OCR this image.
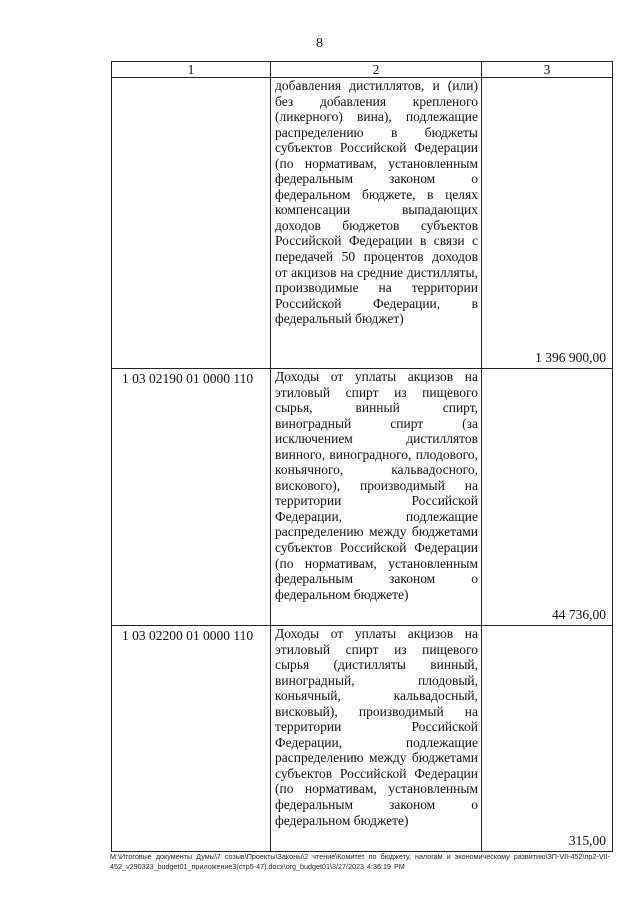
8
1	2	3
	добавления дистиллятов, и (или) без добавления крепленого (ликерного) вина), подлежащие распределению в бюджеты субъектов Российской Федерации (по нормативам, установленным федеральным законом о федеральном бюджете, в целях компенсации выпадающих доходов бюджетов субъектов Российской Федерации в связи с передачей 50 процентов доходов от акцизов на средние дистилляты, производимые на территории Российской Федерации, в федеральный бюджет)	1 396 900,00
1 03 02190 01 0000 110	Доходы от уплаты акцизов на этиловый спирт из пищевого сырья, винный спирт, виноградный спирт (за исключением дистиллятов винного, виноградного, плодового, коньячного, кальвадосного, вискового), производимый на территории Российской Федерации, подлежащие распределению между бюджетами субъектов Российской Федерации (по нормативам, установленным федеральным законом о федеральном бюджете)	44 736,00
1 03 02200 01 0000 110	Доходы от уплаты акцизов на этиловый спирт из пищевого сырья (дистилляты винный, виноградный, плодовый, коньячный, кальвадосный, висковый), производимый на территории Российской Федерации, подлежащие распределению между бюджетами субъектов Российской Федерации (по нормативам, установленным федеральным законом о федеральном бюджете)	315,00
M:\Итоговые документы Думы\7 созыв\Проекты\Законы\2 чтение\Комитет по бюджету, налогам и экономическому развитию\ЗП-VII-452\пр2-VII-452_v290323_budget01_приложение3(стр5-47).docx\org_budget01\3/27/2023 4:36:19 PM
